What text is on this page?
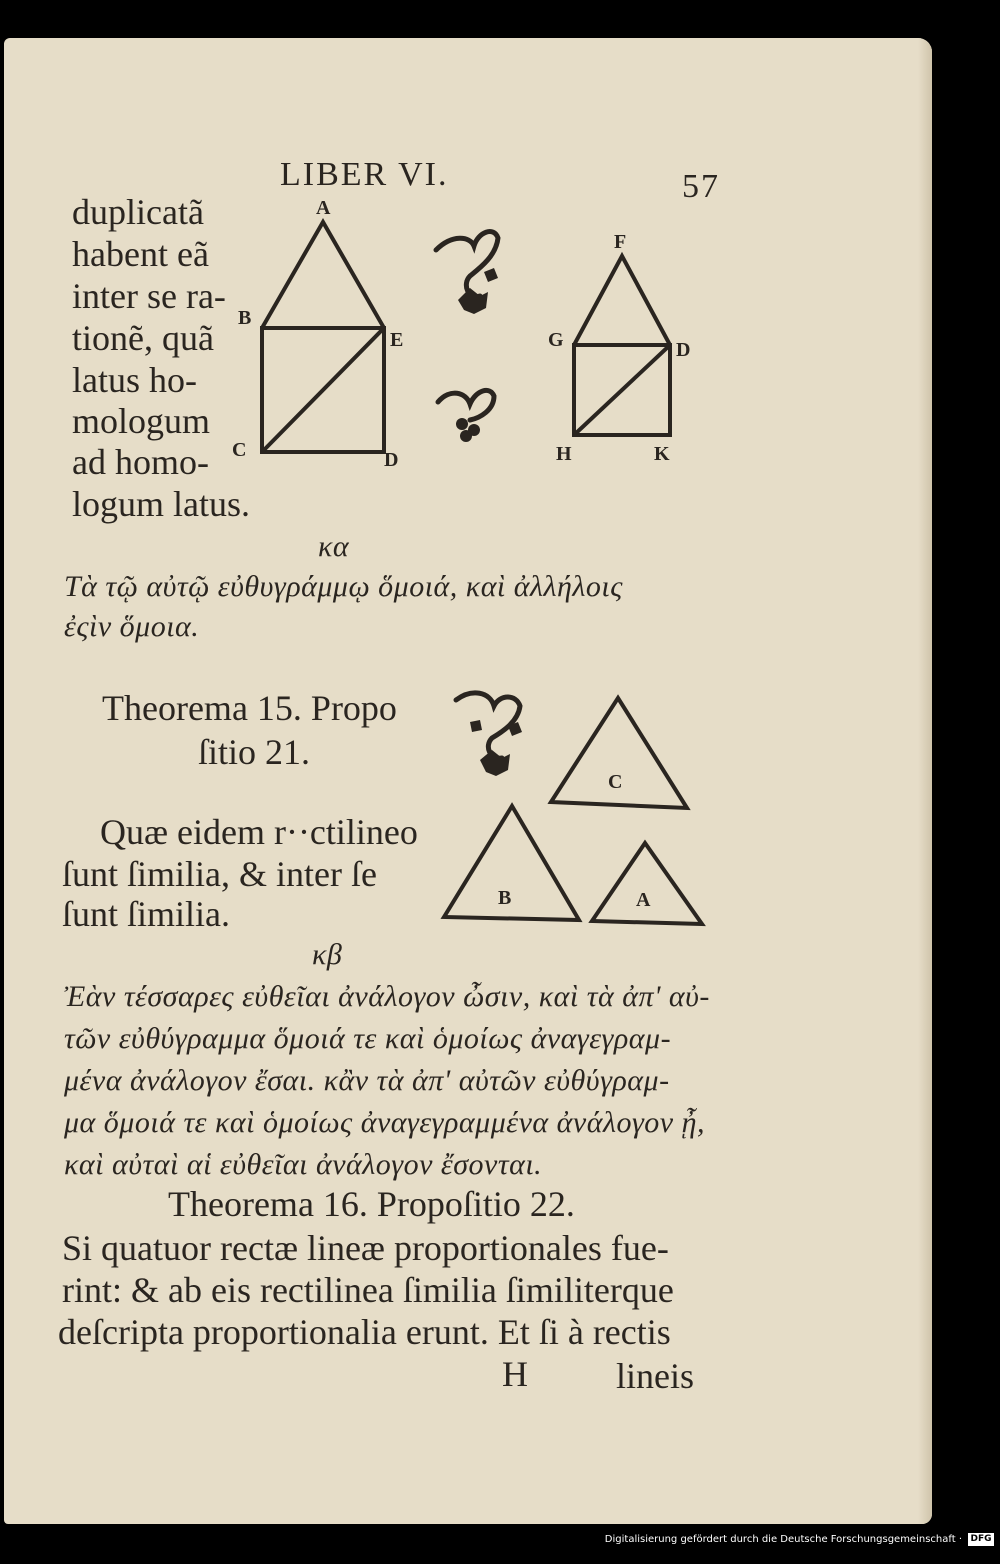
LIBER VI.	57
duplicatã
habent eã
inter se ra-
tionẽ, quã
latus ho-
mologum
ad homo-
logum latus.
A
B
E
C	D
F
G	D
H	K
κα
Τὰ τῷ αὐτῷ εὐθυγράμμῳ ὅμοιά, καὶ ἀλλήλοις
ἐςὶν ὅμοια.
Theorema 15. Propo
ſitio 21.
C
B	A
Quæ eidem r··ctilineo
ſunt ſimilia, & inter ſe
ſunt ſimilia.
κβ
Ἐὰν τέσσαρες εὐθεῖαι ἀνάλογον ὦσιν, καὶ τὰ ἀπ' αὐ-
τῶν εὐθύγραμμα ὅμοιά τε καὶ ὁμοίως ἀναγεγραμ-
μένα ἀνάλογον ἔσαι. κἂν τὰ ἀπ' αὐτῶν εὐθύγραμ-
μα ὅμοιά τε καὶ ὁμοίως ἀναγεγραμμένα ἀνάλογον ᾖ,
καὶ αὐταὶ αἱ εὐθεῖαι ἀνάλογον ἔσονται.
Theorema 16. Propoſitio 22.
Si quatuor rectæ lineæ proportionales fue-
rint: & ab eis rectilinea ſimilia ſimiliterque
deſcripta proportionalia erunt. Et ſi à rectis
H lineis
Digitalisierung gefördert durch die Deutsche Forschungsgemeinschaft · DFG
